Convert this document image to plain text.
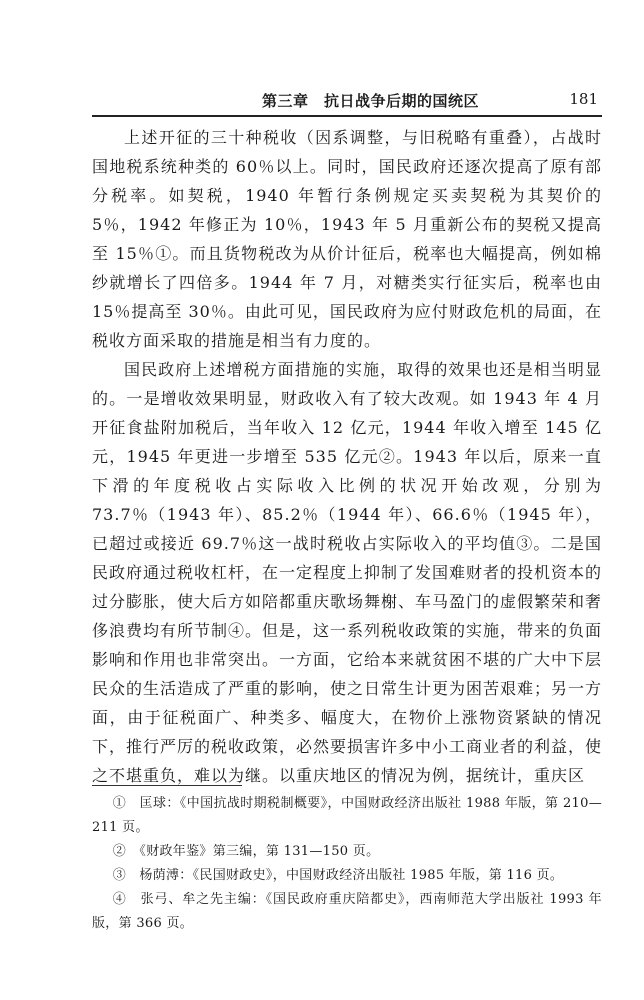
第三章　抗日战争后期的国统区	181

上述开征的三十种税收（因系调整，与旧税略有重叠），占战时国地税系统种类的 60％以上。同时，国民政府还逐次提高了原有部分税率。如契税，1940 年暂行条例规定买卖契税为其契价的 5％，1942 年修正为 10％，1943 年 5 月重新公布的契税又提高至 15％①。而且货物税改为从价计征后，税率也大幅提高，例如棉纱就增长了四倍多。1944 年 7 月，对糖类实行征实后，税率也由 15％提高至 30％。由此可见，国民政府为应付财政危机的局面，在税收方面采取的措施是相当有力度的。

国民政府上述增税方面措施的实施，取得的效果也还是相当明显的。一是增收效果明显，财政收入有了较大改观。如 1943 年 4 月开征食盐附加税后，当年收入 12 亿元，1944 年收入增至 145 亿元，1945 年更进一步增至 535 亿元②。1943 年以后，原来一直下滑的年度税收占实际收入比例的状况开始改观，分别为 73.7％（1943 年）、85.2％（1944 年）、66.6％（1945 年），已超过或接近 69.7％这一战时税收占实际收入的平均值③。二是国民政府通过税收杠杆，在一定程度上抑制了发国难财者的投机资本的过分膨胀，使大后方如陪都重庆歌场舞榭、车马盈门的虚假繁荣和奢侈浪费均有所节制④。但是，这一系列税收政策的实施，带来的负面影响和作用也非常突出。一方面，它给本来就贫困不堪的广大中下层民众的生活造成了严重的影响，使之日常生计更为困苦艰难；另一方面，由于征税面广、种类多、幅度大，在物价上涨物资紧缺的情况下，推行严厉的税收政策，必然要损害许多中小工商业者的利益，使之不堪重负，难以为继。以重庆地区的情况为例，据统计，重庆区

①　匡球：《中国抗战时期税制概要》，中国财政经济出版社 1988 年版，第 210—211 页。

②　《财政年鉴》第三编，第 131—150 页。

③　杨荫溥：《民国财政史》，中国财政经济出版社 1985 年版，第 116 页。

④　张弓、牟之先主编：《国民政府重庆陪都史》，西南师范大学出版社 1993 年版，第 366 页。
